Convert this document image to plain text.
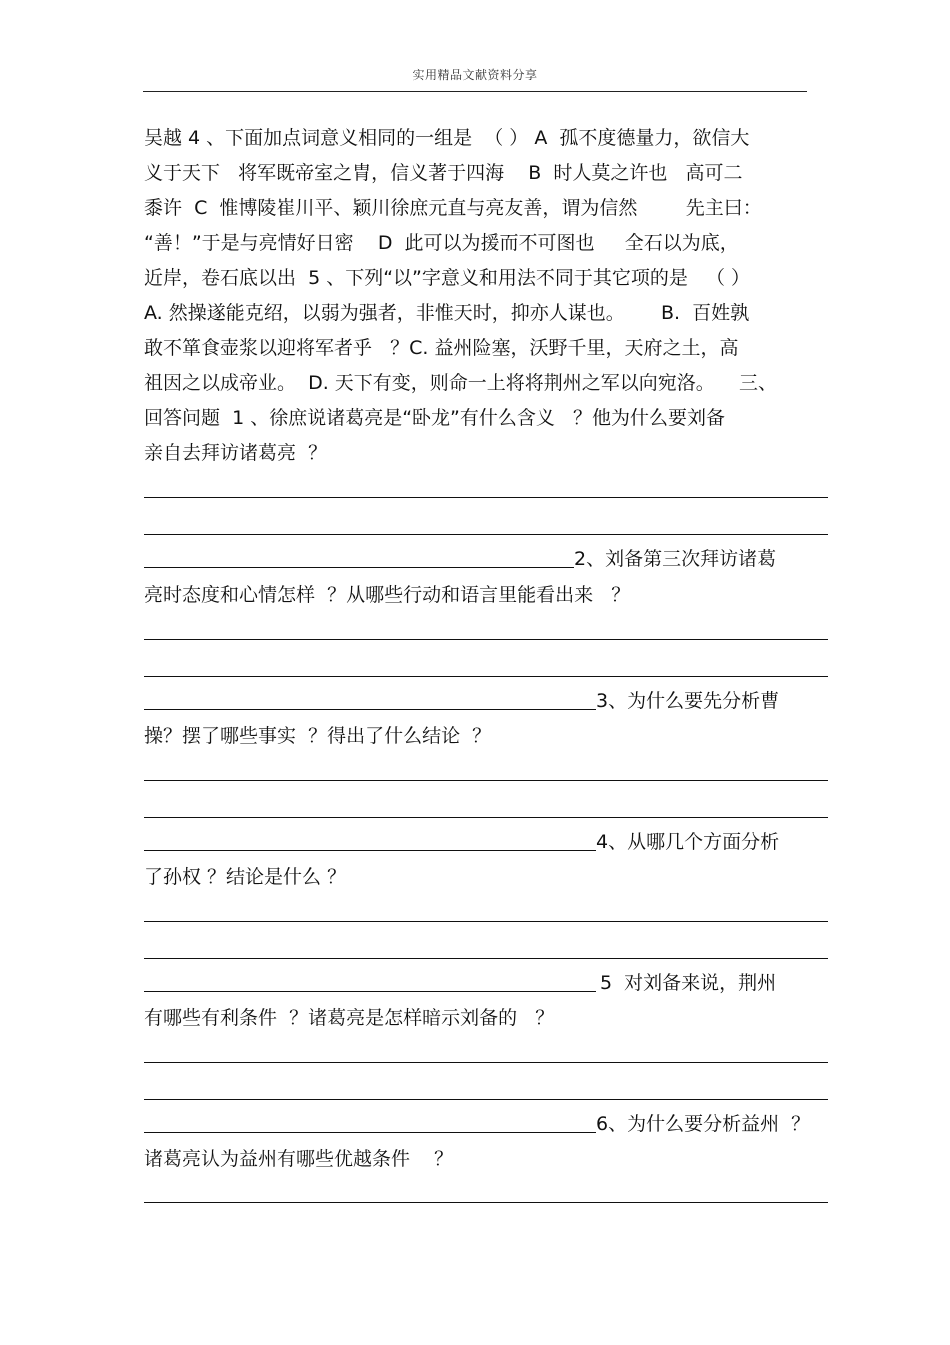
实用精品文献资料分享
吴越 4 、下面加点词意义相同的一组是  （ ） A  孤不度德量力，欲信大
义于天下   将军既帝室之胄，信义著于四海    B  时人莫之许也   高可二
黍许  C  惟博陵崔川平、颖川徐庶元直与亮友善，谓为信然        先主曰：
“善！”于是与亮情好日密    D  此可以为援而不可图也     全石以为底，
近岸，卷石底以出  5 、下列“以”字意义和用法不同于其它项的是   （ ）
A. 然操遂能克绍，以弱为强者，非惟天时，抑亦人谋也。      B.  百姓孰
敢不箪食壶浆以迎将军者乎   ？C. 益州险塞，沃野千里，天府之土，高
祖因之以成帝业。  D. 天下有变，则命一上将将荆州之军以向宛洛。    三、
回答问题  1 、徐庶说诸葛亮是“卧龙”有什么含义   ？他为什么要刘备
亲自去拜访诸葛亮  ？
2、刘备第三次拜访诸葛
亮时态度和心情怎样  ？从哪些行动和语言里能看出来   ？
3、为什么要先分析曹
操？摆了哪些事实  ？得出了什么结论  ？
4、从哪几个方面分析
了孙权 ？结论是什么 ？
5  对刘备来说，荆州
有哪些有利条件  ？诸葛亮是怎样暗示刘备的   ？
6、为什么要分析益州  ？
诸葛亮认为益州有哪些优越条件    ？
